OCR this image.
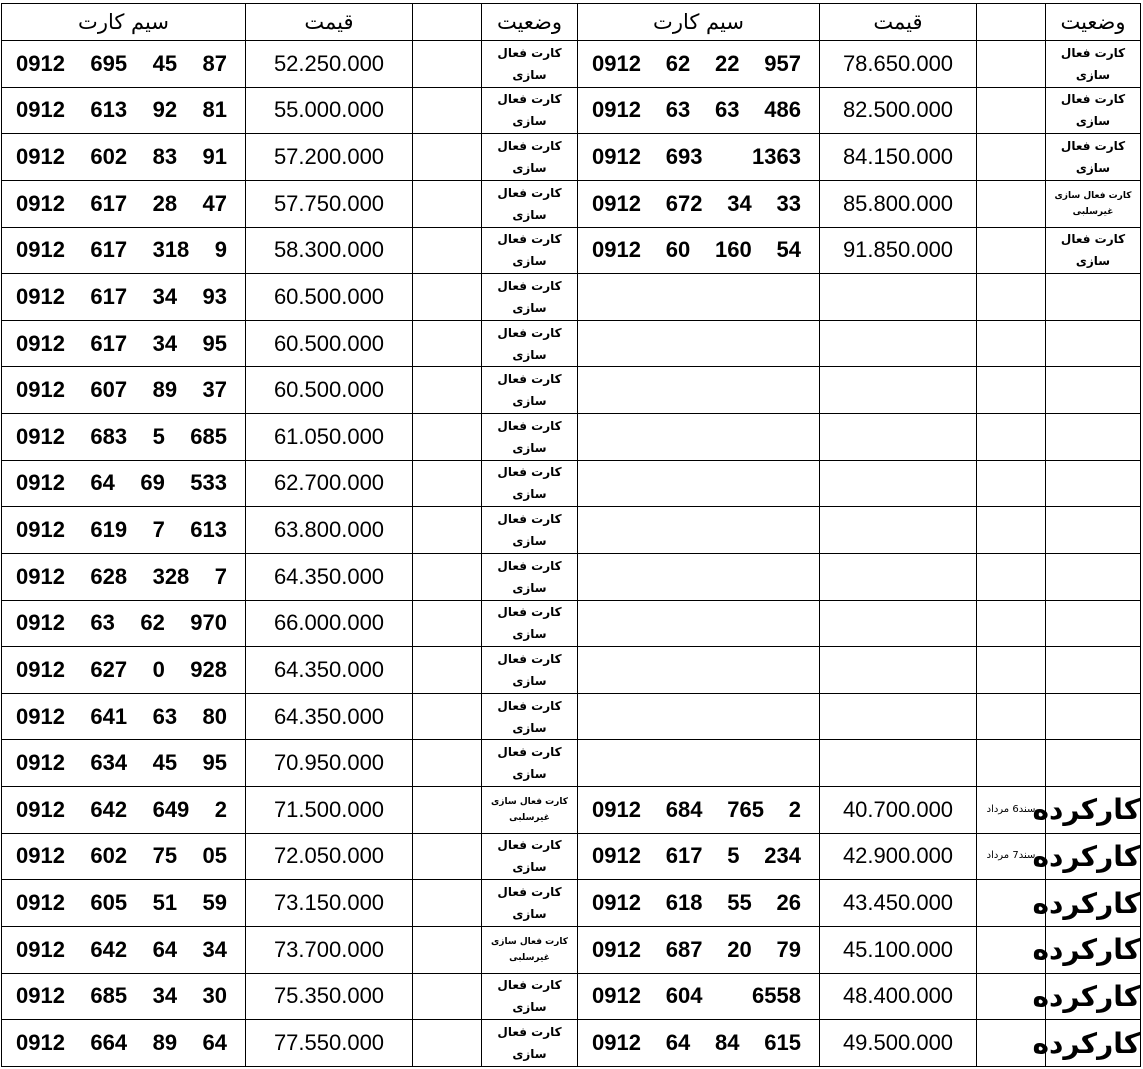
سیم کارت	قیمت		وضعیت	سیم کارت	قیمت		وضعیت

0912 695 45 87	52.250.000		کارت فعال سازی	0912 62 22 957	78.650.000		کارت فعال سازی

0912 613 92 81	55.000.000		کارت فعال سازی	0912 63 63 486	82.500.000		کارت فعال سازی

0912 602 83 91	57.200.000		کارت فعال سازی	0912 693 1363	84.150.000		کارت فعال سازی

0912 617 28 47	57.750.000		کارت فعال سازی	0912 672 34 33	85.800.000		کارت فعال سازی غیرسلبی

0912 617 318 9	58.300.000		کارت فعال سازی	0912 60 160 54	91.850.000		کارت فعال سازی

0912 617 34 93	60.500.000		کارت فعال سازی	

0912 617 34 95	60.500.000		کارت فعال سازی	

0912 607 89 37	60.500.000		کارت فعال سازی	

0912 683 5 685	61.050.000		کارت فعال سازی	

0912 64 69 533	62.700.000		کارت فعال سازی	

0912 619 7 613	63.800.000		کارت فعال سازی	

0912 628 328 7	64.350.000		کارت فعال سازی	

0912 63 62 970	66.000.000		کارت فعال سازی	

0912 627 0 928	64.350.000		کارت فعال سازی	

0912 641 63 80	64.350.000		کارت فعال سازی	

0912 634 45 95	70.950.000		کارت فعال سازی	

0912 642 649 2	71.500.000		کارت فعال سازی غیرسلبی	0912 684 765 2	40.700.000	سند6 مرداد	کارکرده

0912 602 75 05	72.050.000		کارت فعال سازی	0912 617 5 234	42.900.000	سند7 مرداد	کارکرده

0912 605 51 59	73.150.000		کارت فعال سازی	0912 618 55 26	43.450.000		کارکرده

0912 642 64 34	73.700.000		کارت فعال سازی غیرسلبی	0912 687 20 79	45.100.000		کارکرده

0912 685 34 30	75.350.000		کارت فعال سازی	0912 604 6558	48.400.000		کارکرده

0912 664 89 64	77.550.000		کارت فعال سازی	0912 64 84 615	49.500.000		کارکرده
